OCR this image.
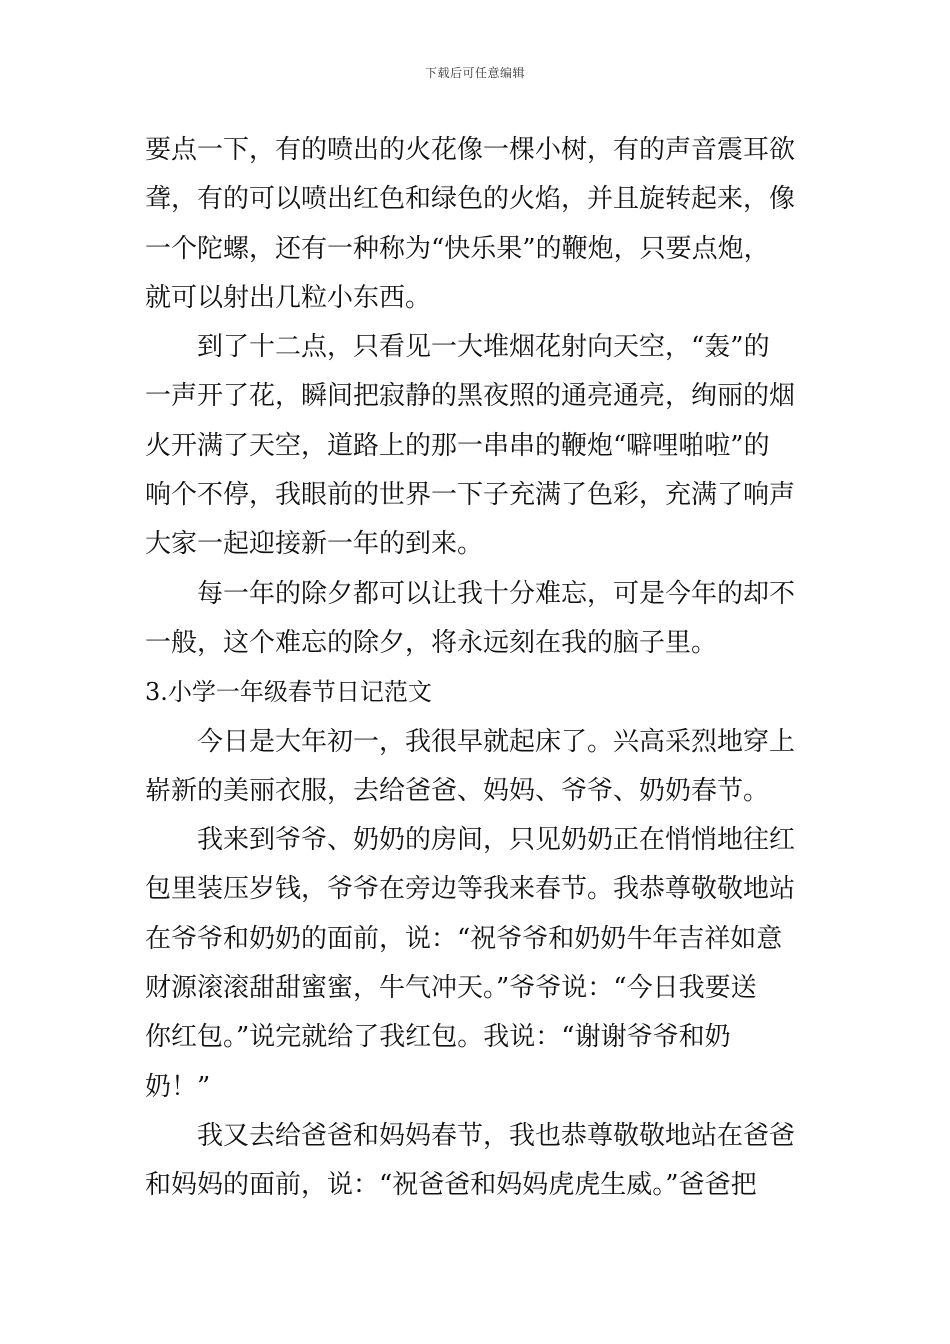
下载后可任意编辑
要点一下，有的喷出的火花像一棵小树，有的声音震耳欲
聋，有的可以喷出红色和绿色的火焰，并且旋转起来，像
一个陀螺，还有一种称为“快乐果”的鞭炮，只要点炮，
就可以射出几粒小东西。
到了十二点，只看见一大堆烟花射向天空，“轰”的
一声开了花，瞬间把寂静的黑夜照的通亮通亮，绚丽的烟
火开满了天空，道路上的那一串串的鞭炮“噼哩啪啦”的
响个不停，我眼前的世界一下子充满了色彩，充满了响声
大家一起迎接新一年的到来。
每一年的除夕都可以让我十分难忘，可是今年的却不
一般，这个难忘的除夕，将永远刻在我的脑子里。
3.小学一年级春节日记范文
今日是大年初一，我很早就起床了。兴高采烈地穿上
崭新的美丽衣服，去给爸爸、妈妈、爷爷、奶奶春节。
我来到爷爷、奶奶的房间，只见奶奶正在悄悄地往红
包里装压岁钱，爷爷在旁边等我来春节。我恭尊敬敬地站
在爷爷和奶奶的面前，说：“祝爷爷和奶奶牛年吉祥如意
财源滚滚甜甜蜜蜜，牛气冲天。”爷爷说：“今日我要送
你红包。”说完就给了我红包。我说：“谢谢爷爷和奶
奶！”
我又去给爸爸和妈妈春节，我也恭尊敬敬地站在爸爸
和妈妈的面前，说：“祝爸爸和妈妈虎虎生威。”爸爸把
